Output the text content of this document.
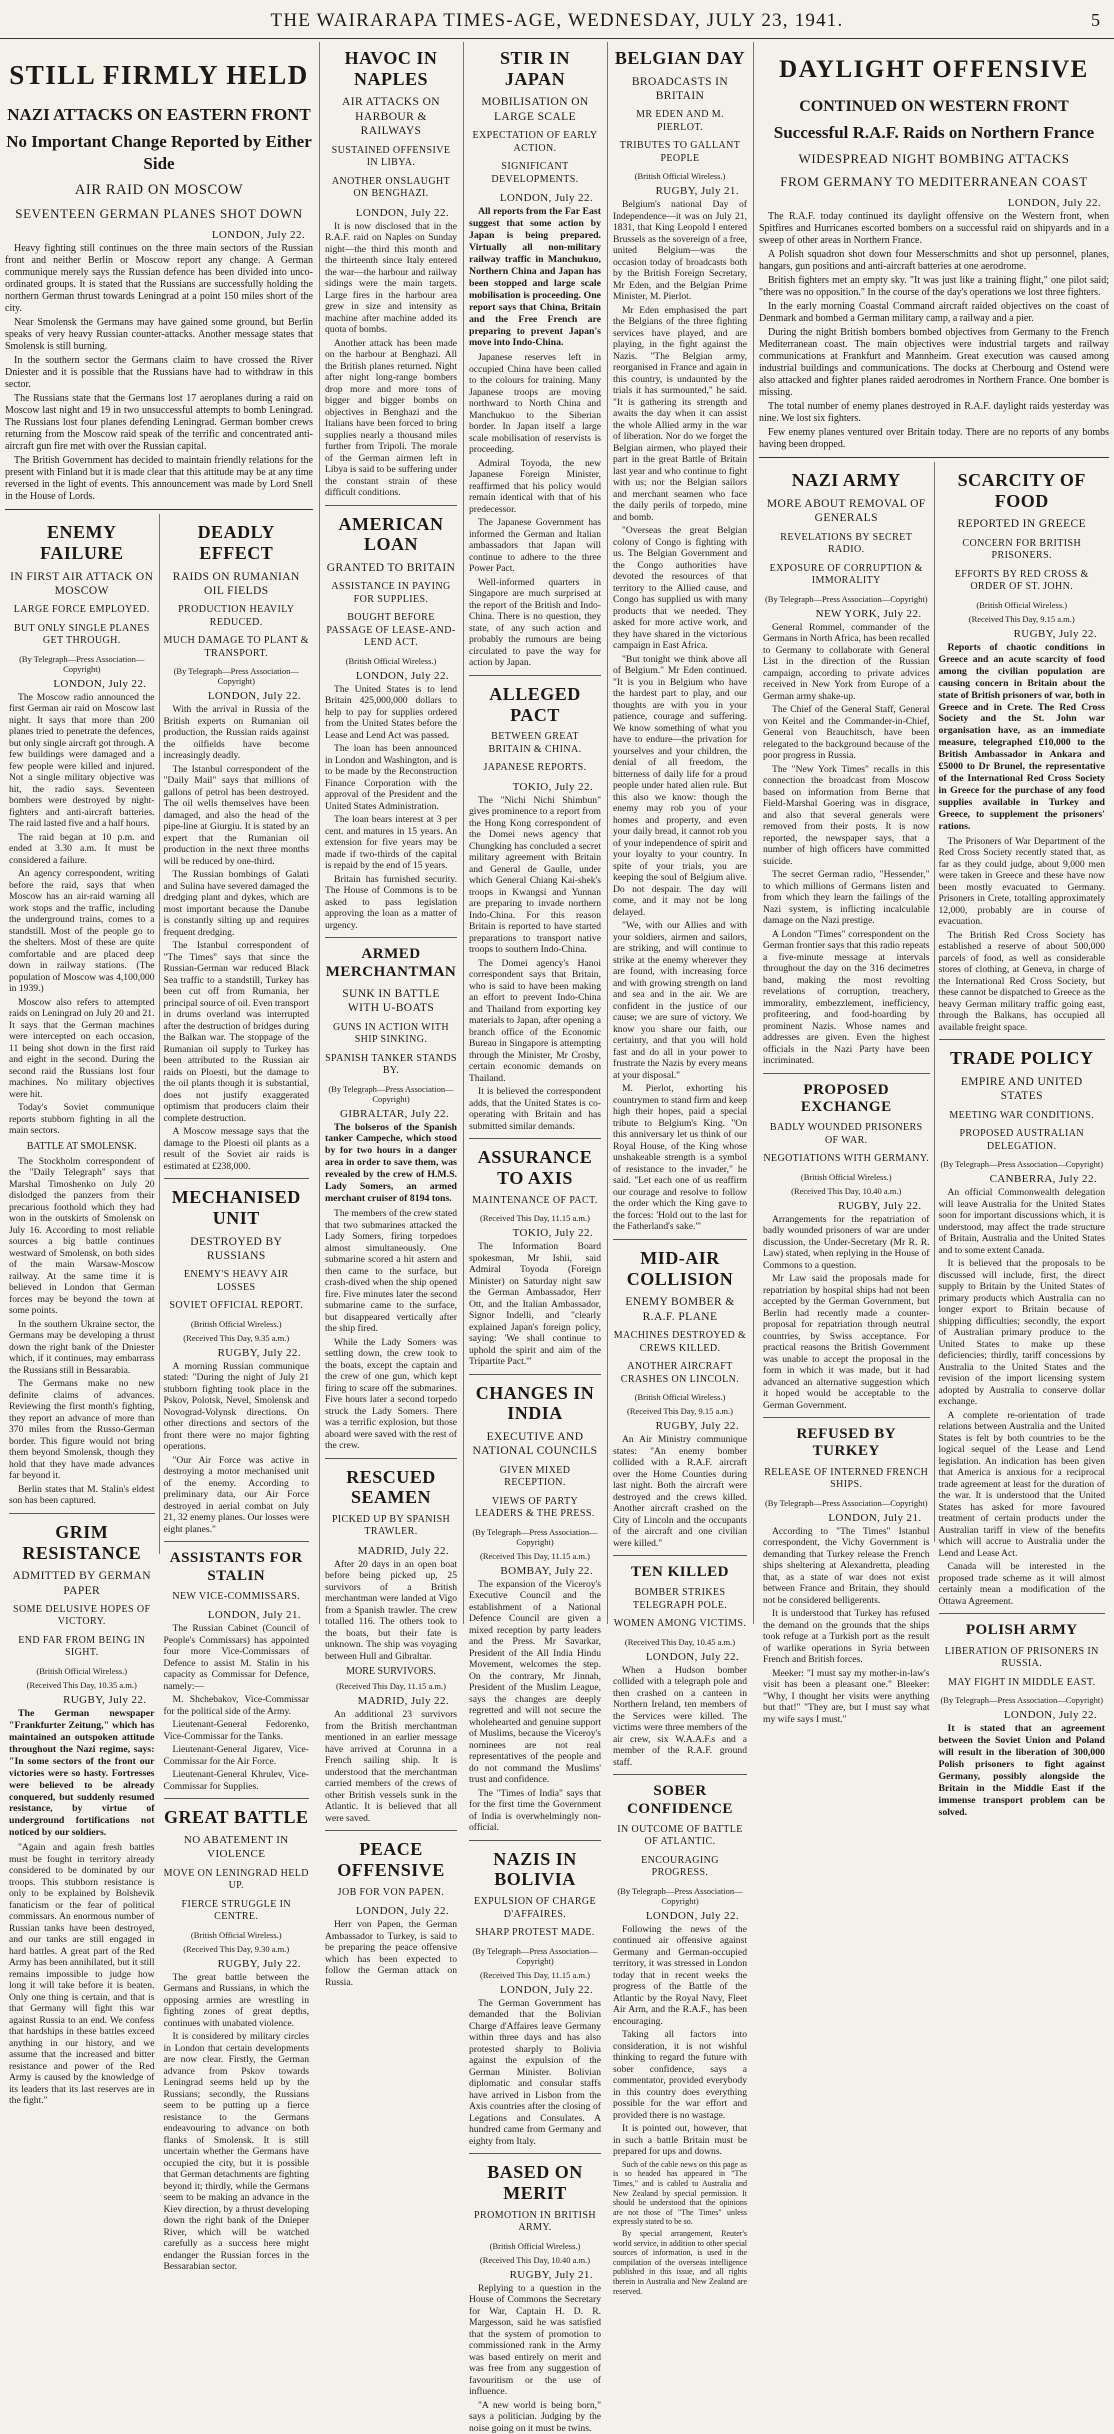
THE WAIRARAPA TIMES-AGE, WEDNESDAY, JULY 23, 1941.	5
STILL FIRMLY HELD
NAZI ATTACKS ON EASTERN FRONT
No Important Change Reported by Either Side
AIR RAID ON MOSCOW
SEVENTEEN GERMAN PLANES SHOT DOWN
LONDON, July 22.

Heavy fighting still continues on the three main sectors of the Russian front and neither Berlin or Moscow report any change. A German communique merely says the Russian defence has been divided into unco-ordinated groups. It is stated that the Russians are successfully holding the northern German thrust towards Leningrad at a point 150 miles short of the city.

Near Smolensk the Germans may have gained some ground, but Berlin speaks of very heavy Russian counter-attacks. Another message states that Smolensk is still burning.

In the southern sector the Germans claim to have crossed the River Dniester and it is possible that the Russians have had to withdraw in this sector.

The Russians state that the Germans lost 17 aeroplanes during a raid on Moscow last night and 19 in two unsuccessful attempts to bomb Leningrad. The Russians lost four planes defending Leningrad. German bomber crews returning from the Moscow raid speak of the terrific and concentrated anti-aircraft gun fire met with over the Russian capital.

The British Government has decided to maintain friendly relations for the present with Finland but it is made clear that this attitude may be at any time reversed in the light of events. This announcement was made by Lord Snell in the House of Lords.

ENEMY FAILURE
IN FIRST AIR ATTACK ON MOSCOW
LARGE FORCE EMPLOYED.
BUT ONLY SINGLE PLANES GET THROUGH.
(By Telegraph—Press Association—Copyright)
LONDON, July 22.

The Moscow radio announced the first German air raid on Moscow last night. It says that more than 200 planes tried to penetrate the defences, but only single aircraft got through. A few buildings were damaged and a few people were killed and injured. Not a single military objective was hit, the radio says. Seventeen bombers were destroyed by night-fighters and anti-aircraft batteries. The raid lasted five and a half hours.

The raid began at 10 p.m. and ended at 3.30 a.m. It must be considered a failure.

An agency correspondent, writing before the raid, says that when Moscow has an air-raid warning all work stops and the traffic, including the underground trains, comes to a standstill. Most of the people go to the shelters. Most of these are quite comfortable and are placed deep down in railway stations. (The population of Moscow was 4,100,000 in 1939.)

Moscow also refers to attempted raids on Leningrad on July 20 and 21. It says that the German machines were intercepted on each occasion, 11 being shot down in the first raid and eight in the second. During the second raid the Russians lost four machines. No military objectives were hit.

Today's Soviet communique reports stubborn fighting in all the main sectors.

BATTLE AT SMOLENSK.

The Stockholm correspondent of the "Daily Telegraph" says that Marshal Timoshenko on July 20 dislodged the panzers from their precarious foothold which they had won in the outskirts of Smolensk on July 16. According to most reliable sources a big battle continues westward of Smolensk, on both sides of the main Warsaw-Moscow railway. At the same time it is believed in London that German forces may be beyond the town at some points.

In the southern Ukraine sector, the Germans may be developing a thrust down the right bank of the Dniester which, if it continues, may embarrass the Russians still in Bessarabia.

The Germans make no new definite claims of advances. Reviewing the first month's fighting, they report an advance of more than 370 miles from the Russo-German border. This figure would not bring them beyond Smolensk, though they hold that they have made advances far beyond it.

Berlin states that M. Stalin's eldest son has been captured.

GRIM RESISTANCE
ADMITTED BY GERMAN PAPER
SOME DELUSIVE HOPES OF VICTORY.
END FAR FROM BEING IN SIGHT.
(British Official Wireless.)
(Received This Day, 10.35 a.m.)
RUGBY, July 22.

The German newspaper "Frankfurter Zeitung," which has maintained an outspoken attitude throughout the Nazi regime, says: "In some sectors of the front our victories were so hasty. Fortresses were believed to be already conquered, but suddenly resumed resistance, by virtue of underground fortifications not noticed by our soldiers.

"Again and again fresh battles must be fought in territory already considered to be dominated by our troops. This stubborn resistance is only to be explained by Bolshevik fanaticism or the fear of political commissars. An enormous number of Russian tanks have been destroyed, and our tanks are still engaged in hard battles. A great part of the Red Army has been annihilated, but it still remains impossible to judge how long it will take before it is beaten. Only one thing is certain, and that is that Germany will fight this war against Russia to an end. We confess that hardships in these battles exceed anything in our history, and we assume that the increased and bitter resistance and power of the Red Army is caused by the knowledge of its leaders that its last reserves are in the fight."

DEADLY EFFECT
RAIDS ON RUMANIAN OIL FIELDS
PRODUCTION HEAVILY REDUCED.
MUCH DAMAGE TO PLANT & TRANSPORT.
(By Telegraph—Press Association—Copyright)
LONDON, July 22.

With the arrival in Russia of the British experts on Rumanian oil production, the Russian raids against the oilfields have become increasingly deadly.

The Istanbul correspondent of the "Daily Mail" says that millions of gallons of petrol has been destroyed. The oil wells themselves have been damaged, and also the head of the pipe-line at Giurgiu. It is stated by an expert that the Rumanian oil production in the next three months will be reduced by one-third.

The Russian bombings of Galati and Sulina have severed damaged the dredging plant and dykes, which are most important because the Danube is constantly silting up and requires frequent dredging.

The Istanbul correspondent of "The Times" says that since the Russian-German war reduced Black Sea traffic to a standstill, Turkey has been cut off from Rumania, her principal source of oil. Even transport in drums overland was interrupted after the destruction of bridges during the Balkan war. The stoppage of the Rumanian oil supply to Turkey has been attributed to the Russian air raids on Ploesti, but the damage to the oil plants though it is substantial, does not justify exaggerated optimism that producers claim their complete destruction.

A Moscow message says that the damage to the Ploesti oil plants as a result of the Soviet air raids is estimated at £238,000.

MECHANISED UNIT
DESTROYED BY RUSSIANS
ENEMY'S HEAVY AIR LOSSES
SOVIET OFFICIAL REPORT.
(British Official Wireless.)
(Received This Day, 9.35 a.m.)
RUGBY, July 22.

A morning Russian communique stated: "During the night of July 21 stubborn fighting took place in the Pskov, Polotsk, Nevel, Smolensk and Novograd-Volynsk directions. On other directions and sectors of the front there were no major fighting operations.

"Our Air Force was active in destroying a motor mechanised unit of the enemy. According to preliminary data, our Air Force destroyed in aerial combat on July 21, 32 enemy planes. Our losses were eight planes."

ASSISTANTS FOR STALIN
NEW VICE-COMMISSARS.
LONDON, July 21.

The Russian Cabinet (Council of People's Commissars) has appointed four more Vice-Commissars of Defence to assist M. Stalin in his capacity as Commissar for Defence, namely:—

M. Shchebakov, Vice-Commissar for the political side of the Army.

Lieutenant-General Fedorenko, Vice-Commissar for the Tanks.

Lieutenant-General Jigarev, Vice-Commissar for the Air Force.

Lieutenant-General Khrulev, Vice-Commissar for Supplies.

GREAT BATTLE
NO ABATEMENT IN VIOLENCE
MOVE ON LENINGRAD HELD UP.
FIERCE STRUGGLE IN CENTRE.
(British Official Wireless.)
(Received This Day, 9.30 a.m.)
RUGBY, July 22.

The great battle between the Germans and Russians, in which the opposing armies are wrestling in fighting zones of great depths, continues with unabated violence.

It is considered by military circles in London that certain developments are now clear. Firstly, the German advance from Pskov towards Leningrad seems held up by the Russians; secondly, the Russians seem to be putting up a fierce resistance to the Germans endeavouring to advance on both flanks of Smolensk. It is still uncertain whether the Germans have occupied the city, but it is possible that German detachments are fighting beyond it; thirdly, while the Germans seem to be making an advance in the Kiev direction, by a thrust developing down the right bank of the Dnieper River, which will be watched carefully as a success here might endanger the Russian forces in the Bessarabian sector.

HAVOC IN NAPLES
AIR ATTACKS ON HARBOUR & RAILWAYS
SUSTAINED OFFENSIVE IN LIBYA.
ANOTHER ONSLAUGHT ON BENGHAZI.
LONDON, July 22.

It is now disclosed that in the R.A.F. raid on Naples on Sunday night—the third this month and the thirteenth since Italy entered the war—the harbour and railway sidings were the main targets. Large fires in the harbour area grew in size and intensity as machine after machine added its quota of bombs.

Another attack has been made on the harbour at Benghazi. All the British planes returned. Night after night long-range bombers drop more and more tons of bigger and bigger bombs on objectives in Benghazi and the Italians have been forced to bring supplies nearly a thousand miles further from Tripoli. The morale of the German airmen left in Libya is said to be suffering under the constant strain of these difficult conditions.

AMERICAN LOAN
GRANTED TO BRITAIN
ASSISTANCE IN PAYING FOR SUPPLIES.
BOUGHT BEFORE PASSAGE OF LEASE-AND-LEND ACT.
(British Official Wireless.)
LONDON, July 22.

The United States is to lend Britain 425,000,000 dollars to help to pay for supplies ordered from the United States before the Lease and Lend Act was passed.

The loan has been announced in London and Washington, and is to be made by the Reconstruction Finance Corporation with the approval of the President and the United States Administration.

The loan bears interest at 3 per cent. and matures in 15 years. An extension for five years may be made if two-thirds of the capital is repaid by the end of 15 years.

Britain has furnished security. The House of Commons is to be asked to pass legislation approving the loan as a matter of urgency.

ARMED MERCHANTMAN
SUNK IN BATTLE WITH U-BOATS
GUNS IN ACTION WITH SHIP SINKING.
SPANISH TANKER STANDS BY.
(By Telegraph—Press Association—Copyright)
GIBRALTAR, July 22.

The bolseros of the Spanish tanker Campeche, which stood by for two hours in a danger area in order to save them, was revealed by the crew of H.M.S. Lady Somers, an armed merchant cruiser of 8194 tons.

The members of the crew stated that two submarines attacked the Lady Somers, firing torpedoes almost simultaneously. One submarine scored a hit astern and then came to the surface, but crash-dived when the ship opened fire. Five minutes later the second submarine came to the surface, but disappeared vertically after the ship fired.

While the Lady Somers was settling down, the crew took to the boats, except the captain and the crew of one gun, which kept firing to scare off the submarines. Five hours later a second torpedo struck the Lady Somers. There was a terrific explosion, but those aboard were saved with the rest of the crew.

RESCUED SEAMEN
PICKED UP BY SPANISH TRAWLER.
MADRID, July 22.

After 20 days in an open boat before being picked up, 25 survivors of a British merchantman were landed at Vigo from a Spanish trawler. The crew totalled 116. The others took to the boats, but their fate is unknown. The ship was voyaging between Hull and Gibraltar.

MORE SURVIVORS.
(Received This Day, 11.15 a.m.)
MADRID, July 22.

An additional 23 survivors from the British merchantman mentioned in an earlier message have arrived at Corunna in a French sailing ship. It is understood that the merchantman carried members of the crews of other British vessels sunk in the Atlantic. It is believed that all were saved.

PEACE OFFENSIVE
JOB FOR VON PAPEN.
LONDON, July 22.

Herr von Papen, the German Ambassador to Turkey, is said to be preparing the peace offensive which has been expected to follow the German attack on Russia.

STIR IN JAPAN
MOBILISATION ON LARGE SCALE
EXPECTATION OF EARLY ACTION.
SIGNIFICANT DEVELOPMENTS.
LONDON, July 22.

All reports from the Far East suggest that some action by Japan is being prepared. Virtually all non-military railway traffic in Manchukuo, Northern China and Japan has been stopped and large scale mobilisation is proceeding. One report says that China, Britain and the Free French are preparing to prevent Japan's move into Indo-China.

Japanese reserves left in occupied China have been called to the colours for training. Many Japanese troops are moving northward to North China and Manchukuo to the Siberian border. In Japan itself a large scale mobilisation of reservists is proceeding.

Admiral Toyoda, the new Japanese Foreign Minister, reaffirmed that his policy would remain identical with that of his predecessor.

The Japanese Government has informed the German and Italian ambassadors that Japan will continue to adhere to the three Power Pact.

Well-informed quarters in Singapore are much surprised at the report of the British and Indo-China. There is no question, they state, of any such action and probably the rumours are being circulated to pave the way for action by Japan.

ALLEGED PACT
BETWEEN GREAT BRITAIN & CHINA.
JAPANESE REPORTS.
TOKIO, July 22.

The "Nichi Nichi Shimbun" gives prominence to a report from the Hong Kong correspondent of the Domei news agency that Chungking has concluded a secret military agreement with Britain and General de Gaulle, under which General Chiang Kai-shek's troops in Kwangsi and Yunnan are preparing to invade northern Indo-China. For this reason Britain is reported to have started preparations to transport native troops to southern Indo-China.

The Domei agency's Hanoi correspondent says that Britain, who is said to have been making an effort to prevent Indo-China and Thailand from exporting key materials to Japan, after opening a branch office of the Economic Bureau in Singapore is attempting through the Minister, Mr Crosby, certain economic demands on Thailand.

It is believed the correspondent adds, that the United States is co-operating with Britain and has submitted similar demands.

ASSURANCE TO AXIS
MAINTENANCE OF PACT.
(Received This Day, 11.15 a.m.)
TOKIO, July 22.

The Information Board spokesman, Mr Ishii, said Admiral Toyoda (Foreign Minister) on Saturday night saw the German Ambassador, Herr Ott, and the Italian Ambassador, Signor Indelli, and "clearly explained Japan's foreign policy, saying: 'We shall continue to uphold the spirit and aim of the Tripartite Pact.'"

CHANGES IN INDIA
EXECUTIVE AND NATIONAL COUNCILS
GIVEN MIXED RECEPTION.
VIEWS OF PARTY LEADERS & THE PRESS.
(By Telegraph—Press Association—Copyright)
(Received This Day, 11.15 a.m.)
BOMBAY, July 22.

The expansion of the Viceroy's Executive Council and the establishment of a National Defence Council are given a mixed reception by party leaders and the Press. Mr Savarkar, President of the All India Hindu Movement, welcomes the step. On the contrary, Mr Jinnah, President of the Muslim League, says the changes are deeply regretted and will not secure the wholehearted and genuine support of Muslims, because the Viceroy's nominees are not real representatives of the people and do not command the Muslims' trust and confidence.

The "Times of India" says that for the first time the Government of India is overwhelmingly non-official.

NAZIS IN BOLIVIA
EXPULSION OF CHARGE D'AFFAIRES.
SHARP PROTEST MADE.
(By Telegraph—Press Association—Copyright)
(Received This Day, 11.15 a.m.)
LONDON, July 22.

The German Government has demanded that the Bolivian Charge d'Affaires leave Germany within three days and has also protested sharply to Bolivia against the expulsion of the German Minister. Bolivian diplomatic and consular staffs have arrived in Lisbon from the Axis countries after the closing of Legations and Consulates. A hundred came from Germany and eighty from Italy.

BASED ON MERIT
PROMOTION IN BRITISH ARMY.
(British Official Wireless.)
(Received This Day, 10.40 a.m.)
RUGBY, July 21.

Replying to a question in the House of Commons the Secretary for War, Captain H. D. R. Margesson, said he was satisfied that the system of promotion to commissioned rank in the Army was based entirely on merit and was free from any suggestion of favouritism or the use of influence.

"A new world is being born," says a politician. Judging by the noise going on it must be twins.

BELGIAN DAY
BROADCASTS IN BRITAIN
MR EDEN AND M. PIERLOT.
TRIBUTES TO GALLANT PEOPLE
(British Official Wireless.)
RUGBY, July 21.

Belgium's national Day of Independence—it was on July 21, 1831, that King Leopold I entered Brussels as the sovereign of a free, united Belgium—was the occasion today of broadcasts both by the British Foreign Secretary, Mr Eden, and the Belgian Prime Minister, M. Pierlot.

Mr Eden emphasised the part the Belgians of the three fighting services have played, and are playing, in the fight against the Nazis. "The Belgian army, reorganised in France and again in this country, is undaunted by the trials it has surmounted," he said. "It is gathering its strength and awaits the day when it can assist the whole Allied army in the war of liberation. Nor do we forget the Belgian airmen, who played their part in the great Battle of Britain last year and who continue to fight with us; nor the Belgian sailors and merchant seamen who face the daily perils of torpedo, mine and bomb.

"Overseas the great Belgian colony of Congo is fighting with us. The Belgian Government and the Congo authorities have devoted the resources of that territory to the Allied cause, and Congo has supplied us with many products that we needed. They asked for more active work, and they have shared in the victorious campaign in East Africa.

"But tonight we think above all of Belgium." Mr Eden continued. "It is you in Belgium who have the hardest part to play, and our thoughts are with you in your patience, courage and suffering. We know something of what you have to endure—the privation for yourselves and your children, the denial of all freedom, the bitterness of daily life for a proud people under hated alien rule. But this also we know: though the enemy may rob you of your homes and property, and even your daily bread, it cannot rob you of your independence of spirit and your loyalty to your country. In spite of your trials, you are keeping the soul of Belgium alive. Do not despair. The day will come, and it may not be long delayed.

"We, with our Allies and with your soldiers, airmen and sailors, are striking, and will continue to strike at the enemy wherever they are found, with increasing force and with growing strength on land and sea and in the air. We are confident in the justice of our cause; we are sure of victory. We know you share our faith, our certainty, and that you will hold fast and do all in your power to frustrate the Nazis by every means at your disposal."

M. Pierlot, exhorting his countrymen to stand firm and keep high their hopes, paid a special tribute to Belgium's King. "On this anniversary let us think of our Royal House, of the King whose unshakeable strength is a symbol of resistance to the invader," he said. "Let each one of us reaffirm our courage and resolve to follow the order which the King gave to the forces: 'Hold out to the last for the Fatherland's sake.'"

MID-AIR COLLISION
ENEMY BOMBER & R.A.F. PLANE
MACHINES DESTROYED & CREWS KILLED.
ANOTHER AIRCRAFT CRASHES ON LINCOLN.
(British Official Wireless.)
(Received This Day, 9.15 a.m.)
RUGBY, July 22.

An Air Ministry communique states: "An enemy bomber collided with a R.A.F. aircraft over the Home Counties during last night. Both the aircraft were destroyed and the crews killed. Another aircraft crashed on the City of Lincoln and the occupants of the aircraft and one civilian were killed."

TEN KILLED
BOMBER STRIKES TELEGRAPH POLE.
WOMEN AMONG VICTIMS.
(Received This Day, 10.45 a.m.)
LONDON, July 22.

When a Hudson bomber collided with a telegraph pole and then crashed on a canteen in Northern Ireland, ten members of the Services were killed. The victims were three members of the air crew, six W.A.A.F.s and a member of the R.A.F. ground staff.

SOBER CONFIDENCE
IN OUTCOME OF BATTLE OF ATLANTIC.
ENCOURAGING PROGRESS.
(By Telegraph—Press Association—Copyright)
LONDON, July 22.

Following the news of the continued air offensive against Germany and German-occupied territory, it was stressed in London today that in recent weeks the progress of the Battle of the Atlantic by the Royal Navy, Fleet Air Arm, and the R.A.F., has been encouraging.

Taking all factors into consideration, it is not wishful thinking to regard the future with sober confidence, says a commentator, provided everybody in this country does everything possible for the war effort and provided there is no wastage.

It is pointed out, however, that in such a battle Britain must be prepared for ups and downs.

Such of the cable news on this page as is so headed has appeared in "The Times," and is cabled to Australia and New Zealand by special permission. It should be understood that the opinions are not those of "The Times" unless expressly stated to be so.

By special arrangement, Reuter's world service, in addition to other special sources of information, is used in the compilation of the overseas intelligence published in this issue, and all rights therein in Australia and New Zealand are reserved.

DAYLIGHT OFFENSIVE
CONTINUED ON WESTERN FRONT
Successful R.A.F. Raids on Northern France
WIDESPREAD NIGHT BOMBING ATTACKS
FROM GERMANY TO MEDITERRANEAN COAST
LONDON, July 22.

The R.A.F. today continued its daylight offensive on the Western front, when Spitfires and Hurricanes escorted bombers on a successful raid on shipyards and in a sweep of other areas in Northern France.

A Polish squadron shot down four Messerschmitts and shot up personnel, planes, hangars, gun positions and anti-aircraft batteries at one aerodrome.

British fighters met an empty sky. "It was just like a training flight," one pilot said; "there was no opposition." In the course of the day's operations we lost three fighters.

In the early morning Coastal Command aircraft raided objectives on the coast of Denmark and bombed a German military camp, a railway and a pier.

During the night British bombers bombed objectives from Germany to the French Mediterranean coast. The main objectives were industrial targets and railway communications at Frankfurt and Mannheim. Great execution was caused among industrial buildings and communications. The docks at Cherbourg and Ostend were also attacked and fighter planes raided aerodromes in Northern France. One bomber is missing.

The total number of enemy planes destroyed in R.A.F. daylight raids yesterday was nine. We lost six fighters.

Few enemy planes ventured over Britain today. There are no reports of any bombs having been dropped.

NAZI ARMY
MORE ABOUT REMOVAL OF GENERALS
REVELATIONS BY SECRET RADIO.
EXPOSURE OF CORRUPTION & IMMORALITY
(By Telegraph—Press Association—Copyright)
NEW YORK, July 22.

General Rommel, commander of the Germans in North Africa, has been recalled to Germany to collaborate with General List in the direction of the Russian campaign, according to private advices received in New York from Europe of a German army shake-up.

The Chief of the General Staff, General von Keitel and the Commander-in-Chief, General von Brauchitsch, have been relegated to the background because of the poor progress in Russia.

The "New York Times" recalls in this connection the broadcast from Moscow based on information from Berne that Field-Marshal Goering was in disgrace, and also that several generals were removed from their posts. It is now reported, the newspaper says, that a number of high officers have committed suicide.

The secret German radio, "Hessender," to which millions of Germans listen and from which they learn the failings of the Nazi system, is inflicting incalculable damage on the Nazi prestige.

A London "Times" correspondent on the German frontier says that this radio repeats a five-minute message at intervals throughout the day on the 316 decimetres band, making the most revolting revelations of corruption, treachery, immorality, embezzlement, inefficiency, profiteering, and food-hoarding by prominent Nazis. Whose names and addresses are given. Even the highest officials in the Nazi Party have been incriminated.

PROPOSED EXCHANGE
BADLY WOUNDED PRISONERS OF WAR.
NEGOTIATIONS WITH GERMANY.
(British Official Wireless.)
(Received This Day, 10.40 a.m.)
RUGBY, July 22.

Arrangements for the repatriation of badly wounded prisoners of war are under discussion, the Under-Secretary (Mr R. R. Law) stated, when replying in the House of Commons to a question.

Mr Law said the proposals made for repatriation by hospital ships had not been accepted by the German Government, but Berlin had recently made a counter-proposal for repatriation through neutral countries, by Swiss acceptance. For practical reasons the British Government was unable to accept the proposal in the form in which it was made, but it had advanced an alternative suggestion which it hoped would be acceptable to the German Government.

REFUSED BY TURKEY
RELEASE OF INTERNED FRENCH SHIPS.
(By Telegraph—Press Association—Copyright)
LONDON, July 21.

According to "The Times" Istanbul correspondent, the Vichy Government is demanding that Turkey release the French ships sheltering at Alexandretta, pleading that, as a state of war does not exist between France and Britain, they should not be considered belligerents.

It is understood that Turkey has refused the demand on the grounds that the ships took refuge at a Turkish port as the result of warlike operations in Syria between French and British forces.

Meeker: "I must say my mother-in-law's visit has been a pleasant one." Bleeker: "Why, I thought her visits were anything but that!" "They are, but I must say what my wife says I must."

SCARCITY OF FOOD
REPORTED IN GREECE
CONCERN FOR BRITISH PRISONERS.
EFFORTS BY RED CROSS & ORDER OF ST. JOHN.
(British Official Wireless.)
(Received This Day, 9.15 a.m.)
RUGBY, July 22.

Reports of chaotic conditions in Greece and an acute scarcity of food among the civilian population are causing concern in Britain about the state of British prisoners of war, both in Greece and in Crete. The Red Cross Society and the St. John war organisation have, as an immediate measure, telegraphed £10,000 to the British Ambassador in Ankara and £5000 to Dr Brunel, the representative of the International Red Cross Society in Greece for the purchase of any food supplies available in Turkey and Greece, to supplement the prisoners' rations.

The Prisoners of War Department of the Red Cross Society recently stated that, as far as they could judge, about 9,000 men were taken in Greece and these have now been mostly evacuated to Germany. Prisoners in Crete, totalling approximately 12,000, probably are in course of evacuation.

The British Red Cross Society has established a reserve of about 500,000 parcels of food, as well as considerable stores of clothing, at Geneva, in charge of the International Red Cross Society, but these cannot be dispatched to Greece as the heavy German military traffic going east, through the Balkans, has occupied all available freight space.

TRADE POLICY
EMPIRE AND UNITED STATES
MEETING WAR CONDITIONS.
PROPOSED AUSTRALIAN DELEGATION.
(By Telegraph—Press Association—Copyright)
CANBERRA, July 22.

An official Commonwealth delegation will leave Australia for the United States soon for important discussions which, it is understood, may affect the trade structure of Britain, Australia and the United States and to some extent Canada.

It is believed that the proposals to be discussed will include, first, the direct supply to Britain by the United States of primary products which Australia can no longer export to Britain because of shipping difficulties; secondly, the export of Australian primary produce to the United States to make up these deficiencies; thirdly, tariff concessions by Australia to the United States and the revision of the import licensing system adopted by Australia to conserve dollar exchange.

A complete re-orientation of trade relations between Australia and the United States is felt by both countries to be the logical sequel of the Lease and Lend legislation. An indication has been given that America is anxious for a reciprocal trade agreement at least for the duration of the war. It is understood that the United States has asked for more favoured treatment of certain products under the Australian tariff in view of the benefits which will accrue to Australia under the Lend and Lease Act.

Canada will be interested in the proposed trade scheme as it will almost certainly mean a modification of the Ottawa Agreement.

POLISH ARMY
LIBERATION OF PRISONERS IN RUSSIA.
MAY FIGHT IN MIDDLE EAST.
(By Telegraph—Press Association—Copyright)
LONDON, July 22.

It is stated that an agreement between the Soviet Union and Poland will result in the liberation of 300,000 Polish prisoners to fight against Germany, possibly alongside the Britain in the Middle East if the immense transport problem can be solved.
